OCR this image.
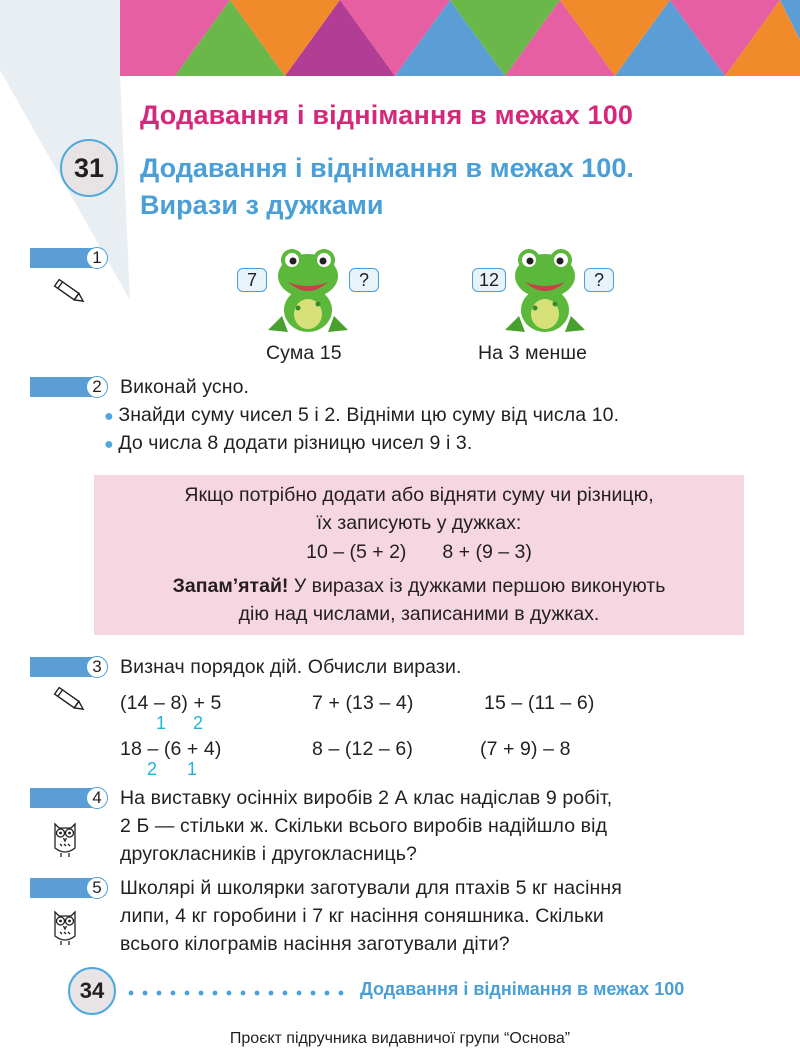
Додавання і віднімання в межах 100
31	Додавання і віднімання в межах 100.
Вирази з дужками
1
7	?
Сума 15
12	?
На 3 менше
2 Виконай усно.
● Знайди суму чисел 5 і 2. Відніми цю суму від числа 10.
● До числа 8 додати різницю чисел 9 і 3.
Якщо потрібно додати або відняти суму чи різницю,
їх записують у дужках:
10 – (5 + 2) 8 + (9 – 3)
Запам’ятай! У виразах із дужками першою виконують
дію над числами, записаними в дужках.
3 Визнач порядок дій. Обчисли вирази.
(14 – 8) + 5	7 + (13 – 4)	15 – (11 – 6)
1 2
18 – (6 + 4)	8 – (12 – 6)	(7 + 9) – 8
2 1
4 На виставку осінніх виробів 2 А клас надіслав 9 робіт,
2 Б — стільки ж. Скільки всього виробів надійшло від
другокласників і другокласниць?
5 Школярі й школярки заготували для птахів 5 кг насіння
липи, 4 кг горобини і 7 кг насіння соняшника. Скільки
всього кілограмів насіння заготували діти?
34	Додавання і віднімання в межах 100
Проєкт підручника видавничої групи “Основа”
